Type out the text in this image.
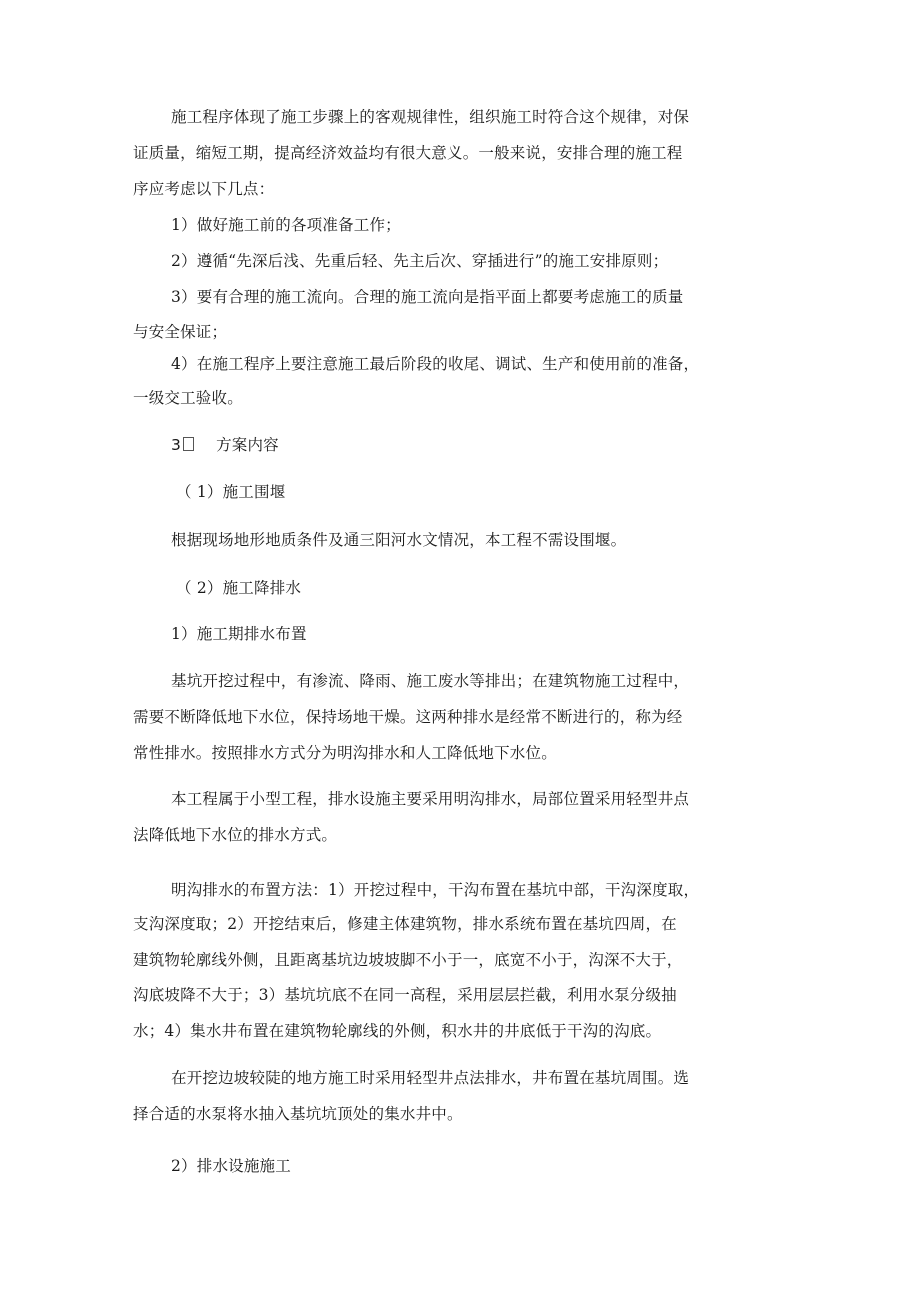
施工程序体现了施工步骤上的客观规律性，组织施工时符合这个规律，对保
证质量，缩短工期，提高经济效益均有很大意义。一般来说，安排合理的施工程
序应考虑以下几点：
1）做好施工前的各项准备工作；
2）遵循“先深后浅、先重后轻、先主后次、穿插进行”的施工安排原则；
3）要有合理的施工流向。合理的施工流向是指平面上都要考虑施工的质量
与安全保证；
4）在施工程序上要注意施工最后阶段的收尾、调试、生产和使用前的准备，
一级交工验收。
3 方案内容
（ 1）施工围堰
根据现场地形地质条件及通三阳河水文情况，本工程不需设围堰。
（ 2）施工降排水
1）施工期排水布置
基坑开挖过程中，有渗流、降雨、施工废水等排出；在建筑物施工过程中，
需要不断降低地下水位，保持场地干燥。这两种排水是经常不断进行的，称为经
常性排水。按照排水方式分为明沟排水和人工降低地下水位。
本工程属于小型工程，排水设施主要采用明沟排水，局部位置采用轻型井点
法降低地下水位的排水方式。
明沟排水的布置方法：1）开挖过程中，干沟布置在基坑中部，干沟深度取，
支沟深度取；2）开挖结束后，修建主体建筑物，排水系统布置在基坑四周，在
建筑物轮廓线外侧，且距离基坑边坡坡脚不小于一，底宽不小于，沟深不大于，
沟底坡降不大于；3）基坑坑底不在同一高程，采用层层拦截，利用水泵分级抽
水；4）集水井布置在建筑物轮廓线的外侧，积水井的井底低于干沟的沟底。
在开挖边坡较陡的地方施工时采用轻型井点法排水，井布置在基坑周围。选
择合适的水泵将水抽入基坑坑顶处的集水井中。
2）排水设施施工
